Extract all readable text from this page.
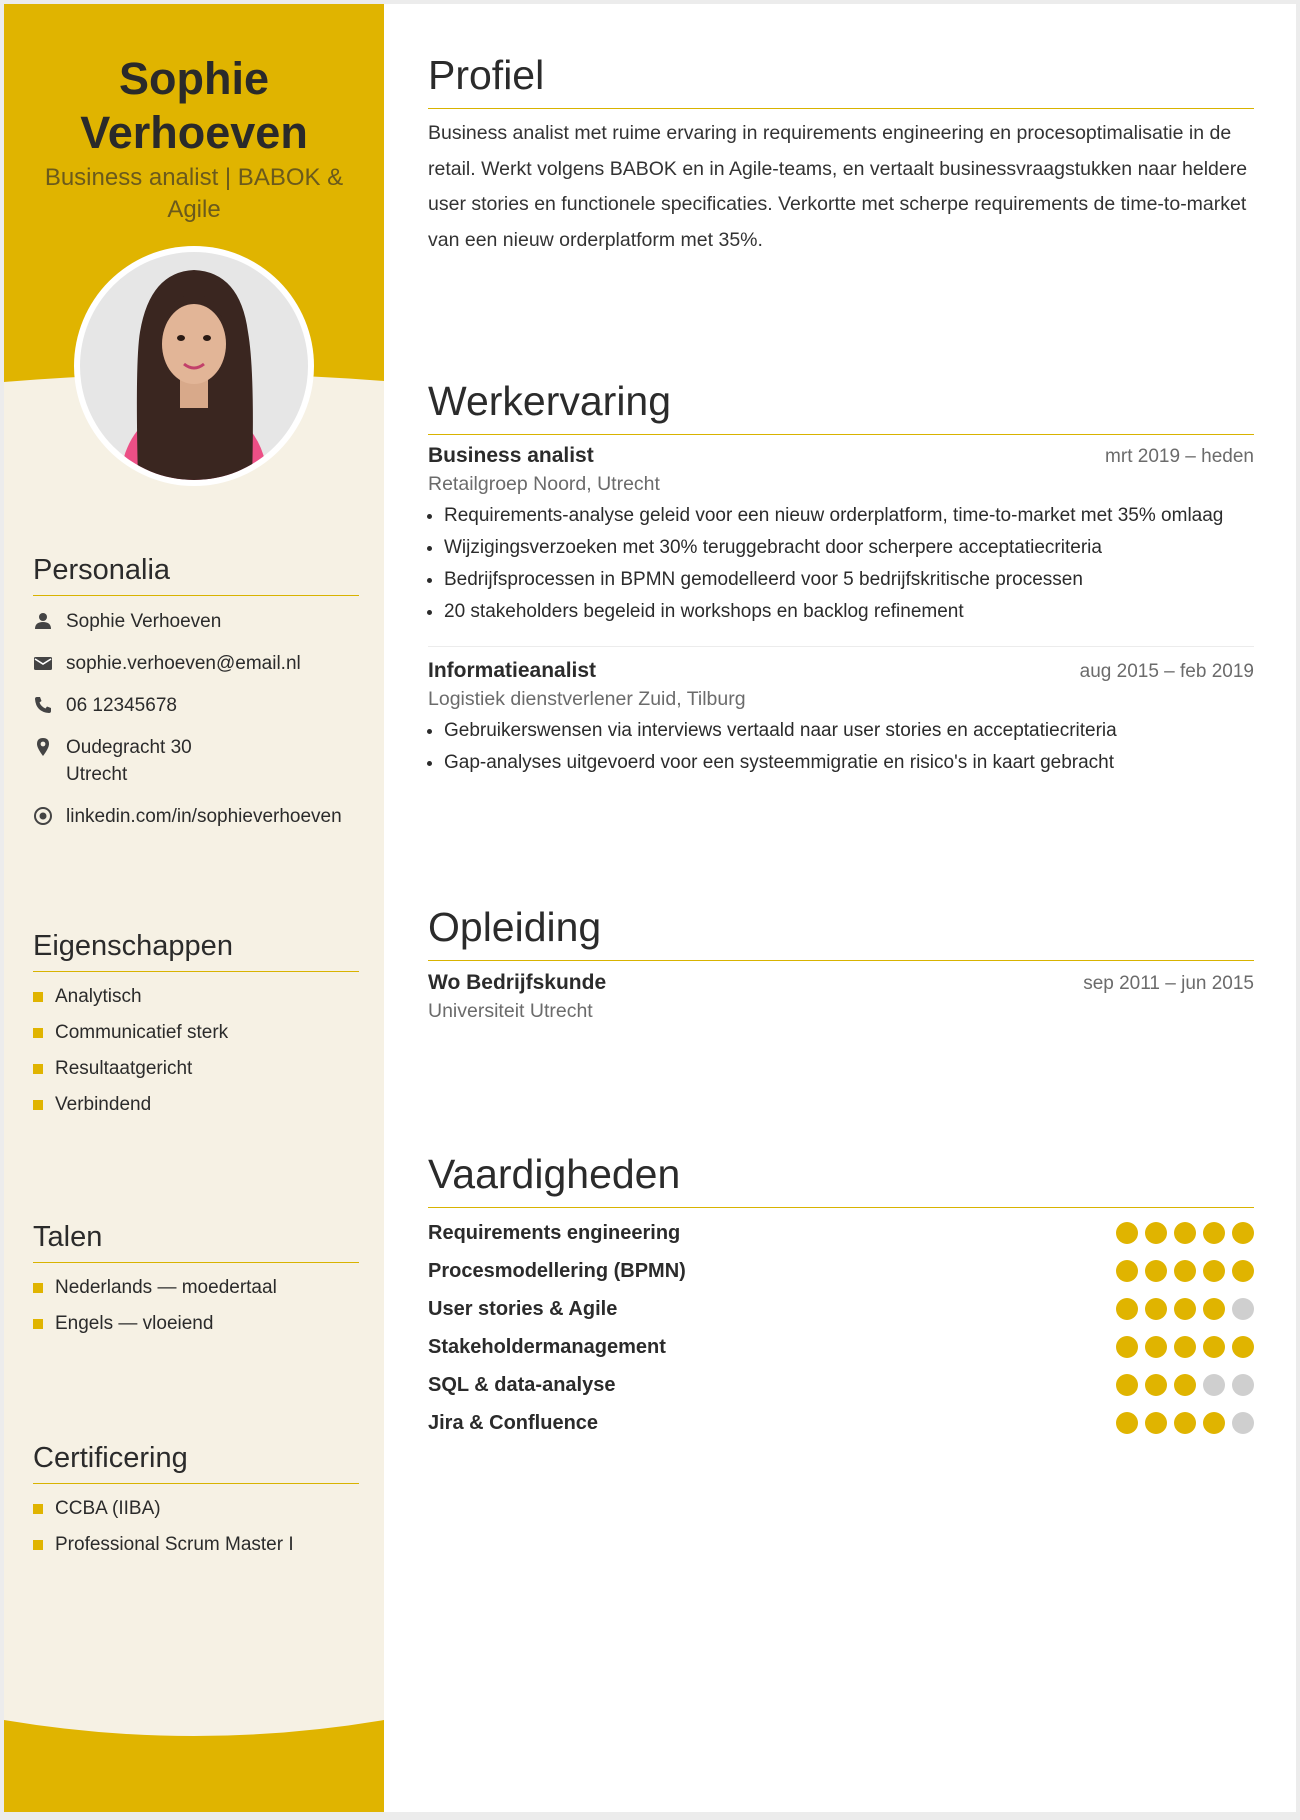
Sophie
Verhoeven
Business analist | BABOK & Agile
Personalia
Sophie Verhoeven
sophie.verhoeven@email.nl
06 12345678
Oudegracht 30
Utrecht
linkedin.com/in/sophieverhoeven
Eigenschappen
Analytisch
Communicatief sterk
Resultaatgericht
Verbindend
Talen
Nederlands — moedertaal
Engels — vloeiend
Certificering
CCBA (IIBA)
Professional Scrum Master I
Profiel
Business analist met ruime ervaring in requirements engineering en procesoptimalisatie in de retail. Werkt volgens BABOK en in Agile-teams, en vertaalt businessvraagstukken naar heldere user stories en functionele specificaties. Verkortte met scherpe requirements de time-to-market van een nieuw orderplatform met 35%.
Werkervaring
Business analist	mrt 2019 – heden
Retailgroep Noord, Utrecht
• Requirements-analyse geleid voor een nieuw orderplatform, time-to-market met 35% omlaag
• Wijzigingsverzoeken met 30% teruggebracht door scherpere acceptatiecriteria
• Bedrijfsprocessen in BPMN gemodelleerd voor 5 bedrijfskritische processen
• 20 stakeholders begeleid in workshops en backlog refinement
Informatieanalist	aug 2015 – feb 2019
Logistiek dienstverlener Zuid, Tilburg
• Gebruikerswensen via interviews vertaald naar user stories en acceptatiecriteria
• Gap-analyses uitgevoerd voor een systeemmigratie en risico's in kaart gebracht
Opleiding
Wo Bedrijfskunde	sep 2011 – jun 2015
Universiteit Utrecht
Vaardigheden
Requirements engineering
Procesmodellering (BPMN)
User stories & Agile
Stakeholdermanagement
SQL & data-analyse
Jira & Confluence
